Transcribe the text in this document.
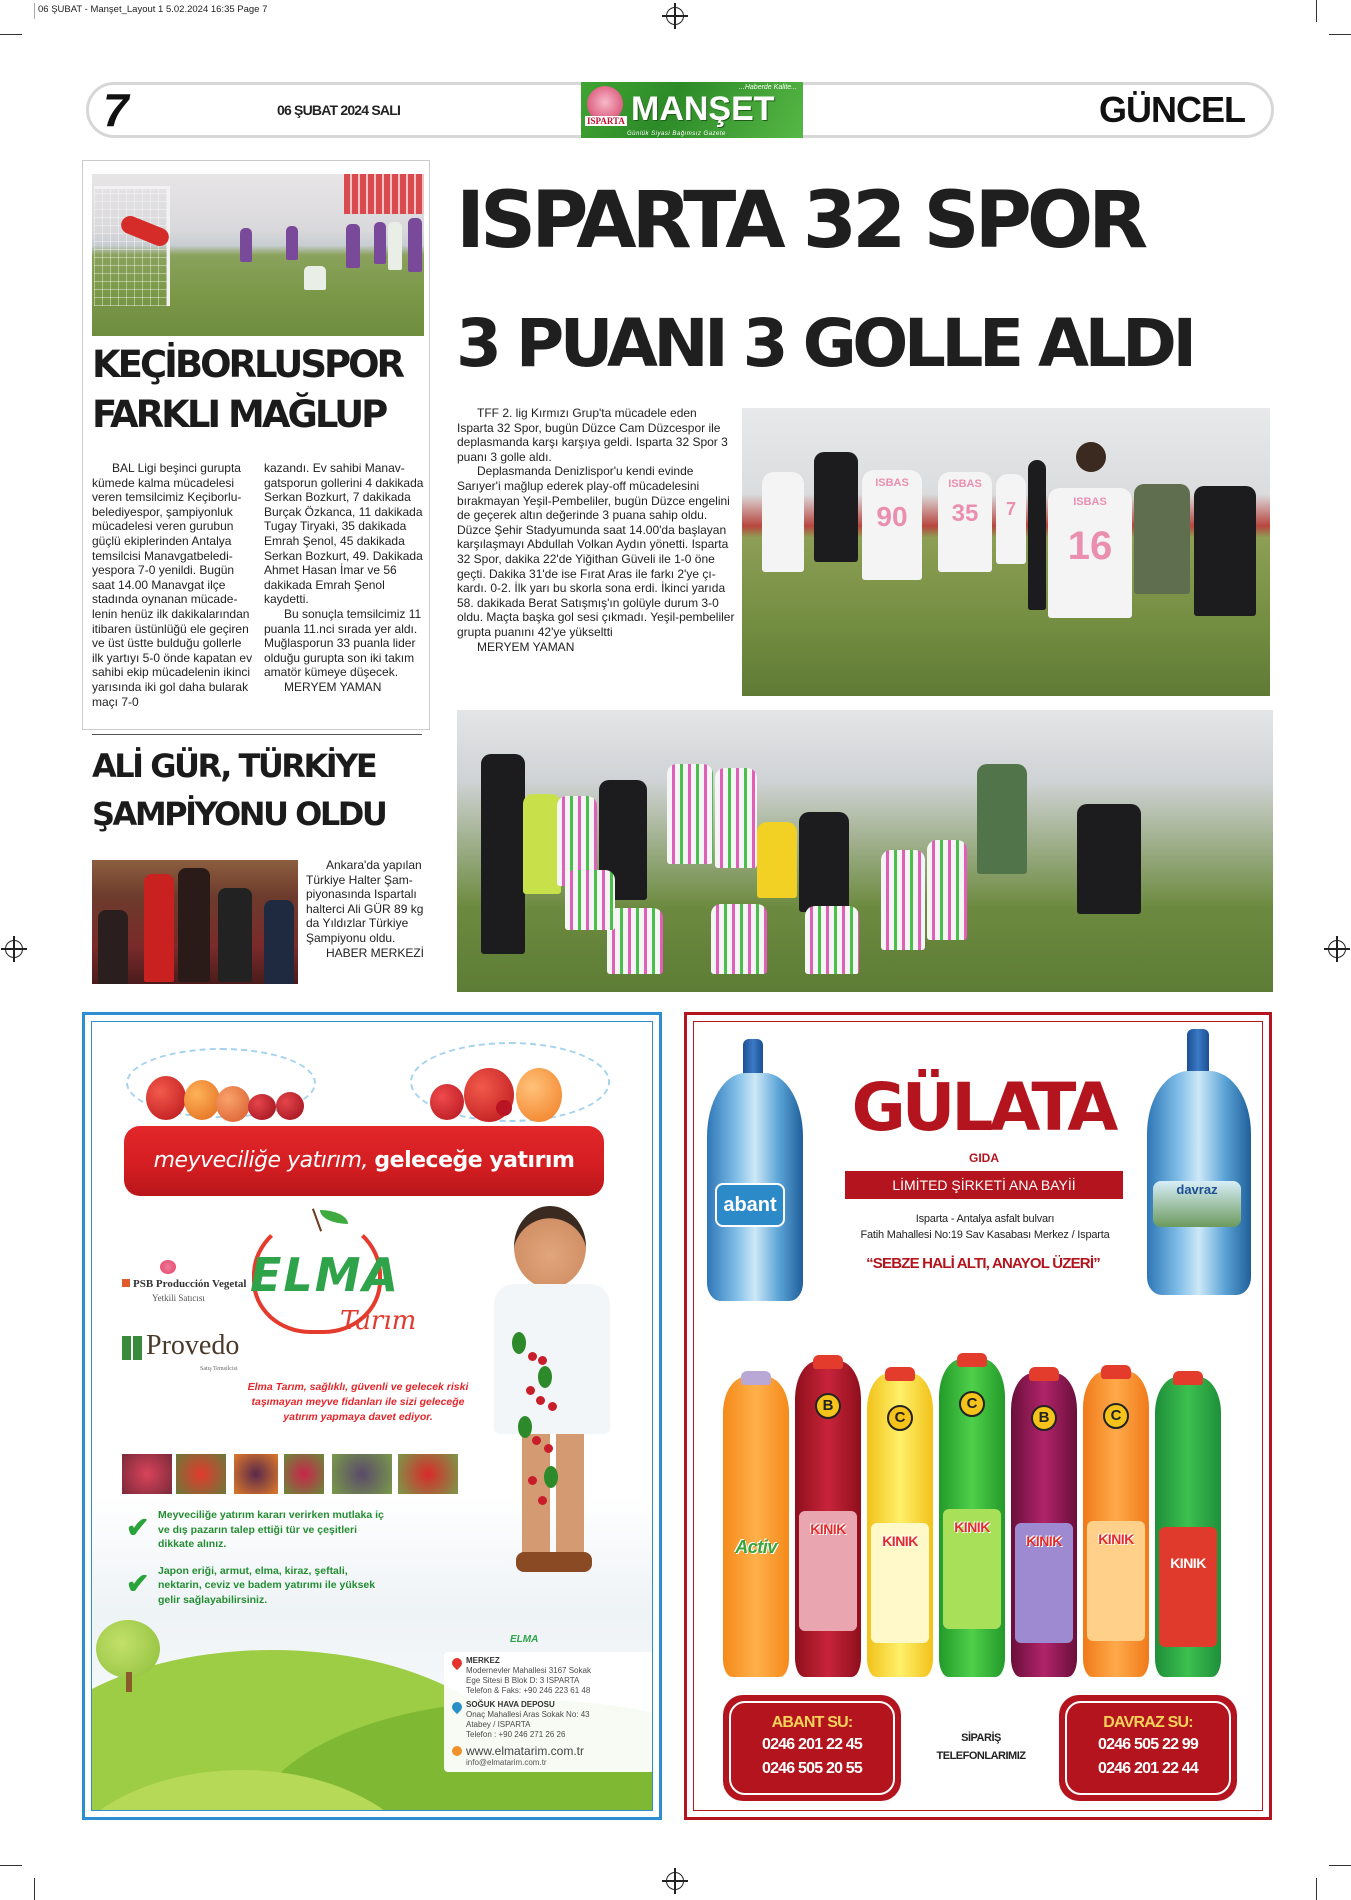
06 ŞUBAT - Manşet_Layout 1 5.02.2024 16:35 Page 7
7	06 ŞUBAT 2024 SALI
ISPARTA MANŞET
...Haberde Kalite...
Günlük Siyasi Bağımsız Gazete
GÜNCEL
KEÇİBORLUSPOR
FARKLI MAĞLUP

BAL Ligi beşinci gurupta kümede kalma mücadelesi veren temsilcimiz Keçiborlubelediyespor, şampiyonluk mücadelesi veren gurubun güçlü ekiplerinden Antalya temsilcisi Manavgatbelediyespora 7-0 yenildi. Bugün saat 14.00 Manavgat ilçe stadında oynanan mücadelenin henüz ilk dakikalarından itibaren üstünlüğü ele geçiren ve üst üstte bulduğu gollerle ilk yartıyı 5-0 önde kapatan ev sahibi ekip mücadelenin ikinci yarısında iki gol daha bularak maçı 7-0

kazandı. Ev sahibi Manavgatsporun gollerini 4 dakikada Serkan Bozkurt, 7 dakikada Burçak Özkanca, 11 dakikada Tugay Tiryaki, 35 dakikada Emrah Şenol, 45 dakikada Serkan Bozkurt, 49. Dakikada Ahmet Hasan İmar ve 56 dakikada Emrah Şenol kaydetti.

Bu sonuçla temsilcimiz 11 puanla 11.nci sırada yer aldı. Muğlasporun 33 puanla lider olduğu gurupta son iki takım amatör kümeye düşecek.

MERYEM YAMAN
ALİ GÜR, TÜRKİYE
ŞAMPİYONU OLDU

Ankara'da yapılan Türkiye Halter Şampiyonasında Ispartalı halterci Ali GÜR 89 kg da Yıldızlar Türkiye Şampiyonu oldu.

HABER MERKEZİ
ISPARTA 32 SPOR
3 PUANI 3 GOLLE ALDI

TFF 2. lig Kırmızı Grup'ta mücadele eden Isparta 32 Spor, bugün Düzce Cam Düzcespor ile deplasmanda karşı karşıya geldi. Isparta 32 Spor 3 puanı 3 golle aldı.

Deplasmanda Denizlispor'u kendi evinde Sarıyer'i mağlup ederek play-off mücadelesini bırakmayan Yeşil-Pembeliler, bugün Düzce engelini de geçerek altın değerinde 3 puana sahip oldu. Düzce Şehir Stadyumunda saat 14.00'da başlayan karşılaşmayı Abdullah Volkan Aydın yönetti. Isparta 32 Spor, dakika 22'de Yiğithan Güveli ile 1-0 öne geçti. Dakika 31'de ise Fırat Aras ile farkı 2'ye çıkardı. 0-2. İlk yarı bu skorla sona erdi. İkinci yarıda 58. dakikada Berat Satışmış'ın golüyle durum 3-0 oldu. Maçta başka gol sesi çıkmadı. Yeşil-pembeliler grupta puanını 42'ye yükseltti

MERYEM YAMAN
ISBAS
90
ISBAS
35	7	ISBAS
16
meyveciliğe yatırım, geleceğe yatırım
PSB Producción Vegetal
Yetkili Satıcısı
Provedo
Satış Temsilcisi
ELMA
Tarım
Elma Tarım, sağlıklı, güvenli ve gelecek riski taşımayan meyve fidanları ile sizi geleceğe yatırım yapmaya davet ediyor.
✔ Meyveciliğe yatırım kararı verirken mutlaka iç ve dış pazarın talep ettiği tür ve çeşitleri dikkate alınız.
✔ Japon eriği, armut, elma, kiraz, şeftali, nektarin, ceviz ve badem yatırımı ile yüksek gelir sağlayabilirsiniz.
ELMA
MERKEZ
Modernevler Mahallesi 3167 Sokak
Ege Sitesi B Blok D: 3 ISPARTA
Telefon & Faks: +90 246 223 61 48
SOĞUK HAVA DEPOSU
Onaç Mahallesi Aras Sokak No: 43
Atabey / ISPARTA
Telefon : +90 246 271 26 26
www.elmatarim.com.tr
info@elmatarim.com.tr
abant
davraz
GÜLATA
GIDA
LİMİTED ŞİRKETİ ANA BAYİİ
Isparta - Antalya asfalt bulvarı
Fatih Mahallesi No:19 Sav Kasabası Merkez / Isparta
“SEBZE HALİ ALTI, ANAYOL ÜZERİ”
Activ
B
KINIK
C
KINIK
C
KINIK
B
KINIK
C
KINIK
KINIK
ABANT SU:
0246 201 22 45
0246 505 20 55
SİPARİŞ
TELEFONLARIMIZ
DAVRAZ SU:
0246 505 22 99
0246 201 22 44
